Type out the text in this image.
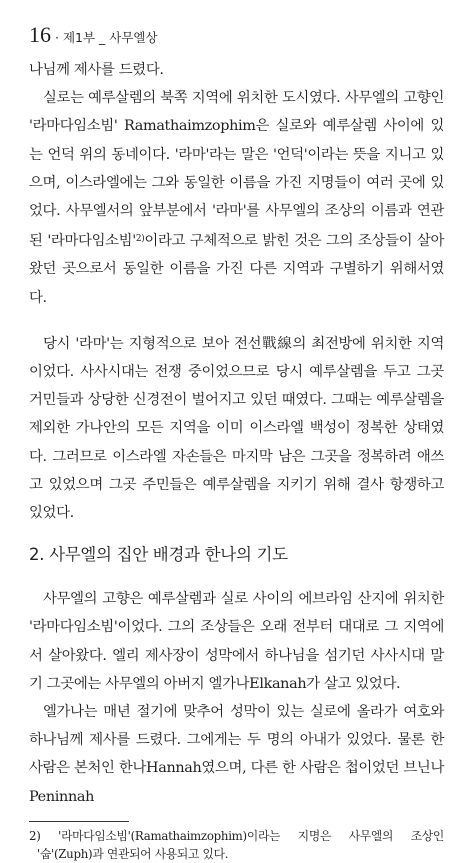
16 · 제1부 _ 사무엘상

나님께 제사를 드렸다.

실로는 예루살렘의 북쪽 지역에 위치한 도시였다. 사무엘의 고향인 '라마다임소빔' Ramathaimzophim은 실로와 예루살렘 사이에 있는 언덕 위의 동네이다. '라마'라는 말은 '언덕'이라는 뜻을 지니고 있으며, 이스라엘에는 그와 동일한 이름을 가진 지명들이 여러 곳에 있었다. 사무엘서의 앞부분에서 '라마'를 사무엘의 조상의 이름과 연관된 '라마다임소빔'$^{2)}$이라고 구체적으로 밝힌 것은 그의 조상들이 살아왔던 곳으로서 동일한 이름을 가진 다른 지역과 구별하기 위해서였다.

당시 '라마'는 지형적으로 보아 전선戰線의 최전방에 위치한 지역이었다. 사사시대는 전쟁 중이었으므로 당시 예루살렘을 두고 그곳 거민들과 상당한 신경전이 벌어지고 있던 때였다. 그때는 예루살렘을 제외한 가나안의 모든 지역을 이미 이스라엘 백성이 정복한 상태였다. 그러므로 이스라엘 자손들은 마지막 남은 그곳을 정복하려 애쓰고 있었으며 그곳 주민들은 예루살렘을 지키기 위해 결사 항쟁하고 있었다.

2. 사무엘의 집안 배경과 한나의 기도

사무엘의 고향은 예루살렘과 실로 사이의 에브라임 산지에 위치한 '라마다임소빔'이었다. 그의 조상들은 오래 전부터 대대로 그 지역에서 살아왔다. 엘리 제사장이 성막에서 하나님을 섬기던 사사시대 말기 그곳에는 사무엘의 아버지 엘가나Elkanah가 살고 있었다.

엘가나는 매년 절기에 맞추어 성막이 있는 실로에 올라가 여호와 하나님께 제사를 드렸다. 그에게는 두 명의 아내가 있었다. 물론 한 사람은 본처인 한나Hannah였으며, 다른 한 사람은 첩이었던 브닌나Peninnah

2) '라마다임소빔'(Ramathaimzophim)이라는 지명은 사무엘의 조상인 '숩'(Zuph)과 연관되어 사용되고 있다.
